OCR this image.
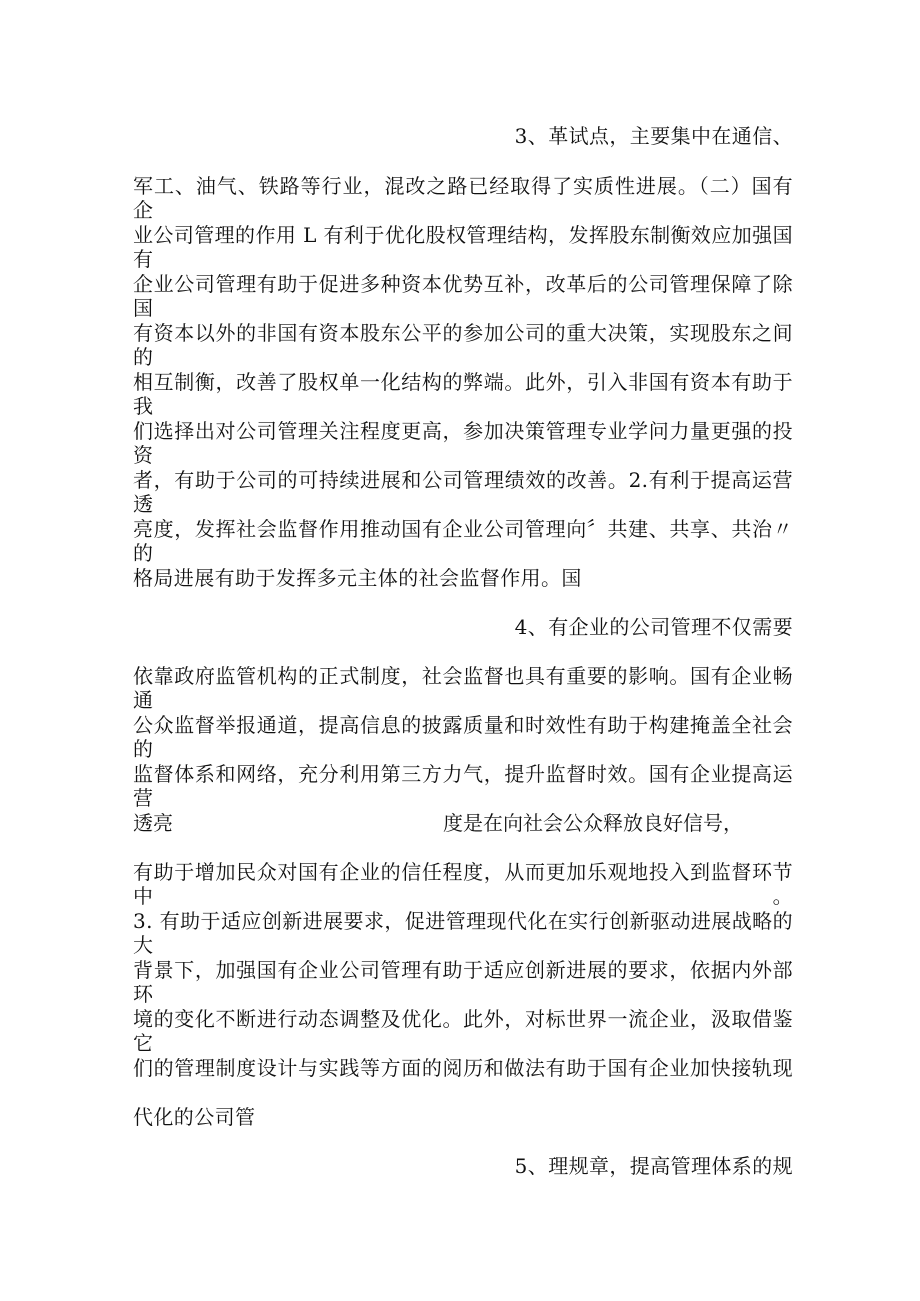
3、革试点，主要集中在通信、
军工、油气、铁路等行业，混改之路已经取得了实质性进展。（二）国有企
业公司管理的作用 L 有利于优化股权管理结构，发挥股东制衡效应加强国有
企业公司管理有助于促进多种资本优势互补，改革后的公司管理保障了除国
有资本以外的非国有资本股东公平的参加公司的重大决策，实现股东之间的
相互制衡，改善了股权单一化结构的弊端。此外，引入非国有资本有助于我
们选择出对公司管理关注程度更高，参加决策管理专业学问力量更强的投资
者，有助于公司的可持续进展和公司管理绩效的改善。2.有利于提高运营透
亮度，发挥社会监督作用推动国有企业公司管理向〞共建、共享、共治〃的
格局进展有助于发挥多元主体的社会监督作用。国
4、有企业的公司管理不仅需要
依靠政府监管机构的正式制度，社会监督也具有重要的影响。国有企业畅通
公众监督举报通道，提高信息的披露质量和时效性有助于构建掩盖全社会的
监督体系和网络，充分利用第三方力气，提升监督时效。国有企业提高运营
透亮	度是在向社会公众释放良好信号，
有助于增加民众对国有企业的信任程度，从而更加乐观地投入到监督环节中。
3. 有助于适应创新进展要求，促进管理现代化在实行创新驱动进展战略的大
背景下，加强国有企业公司管理有助于适应创新进展的要求，依据内外部环
境的变化不断进行动态调整及优化。此外，对标世界一流企业，汲取借鉴它
们的管理制度设计与实践等方面的阅历和做法有助于国有企业加快接轨现
代化的公司管
5、理规章，提高管理体系的规
